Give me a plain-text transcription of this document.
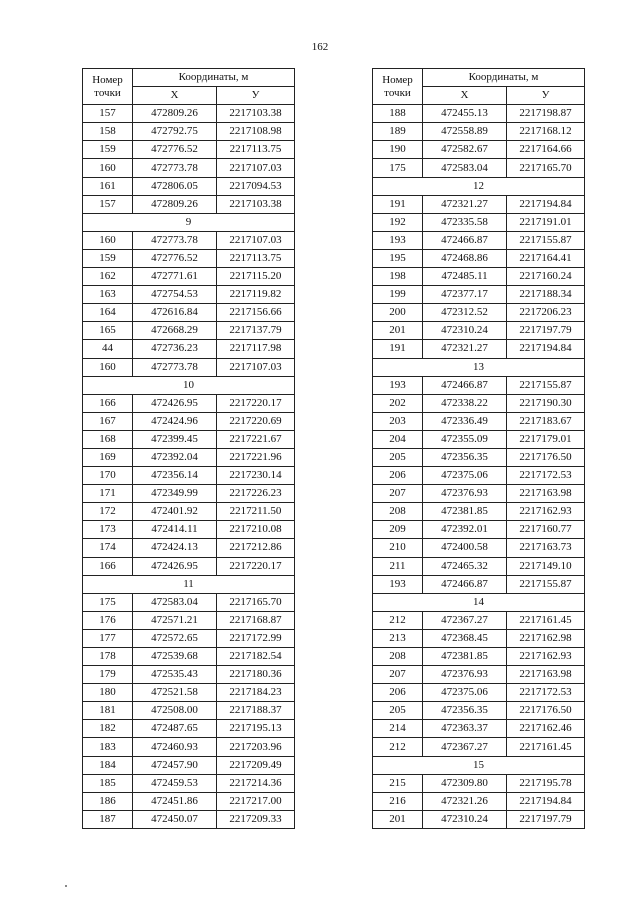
162
Номер
точки	Координаты, м	
	X	У
157	472809.26	2217103.38
158	472792.75	2217108.98
159	472776.52	2217113.75
160	472773.78	2217107.03
161	472806.05	2217094.53
157	472809.26	2217103.38
9		
160	472773.78	2217107.03
159	472776.52	2217113.75
162	472771.61	2217115.20
163	472754.53	2217119.82
164	472616.84	2217156.66
165	472668.29	2217137.79
44	472736.23	2217117.98
160	472773.78	2217107.03
10		
166	472426.95	2217220.17
167	472424.96	2217220.69
168	472399.45	2217221.67
169	472392.04	2217221.96
170	472356.14	2217230.14
171	472349.99	2217226.23
172	472401.92	2217211.50
173	472414.11	2217210.08
174	472424.13	2217212.86
166	472426.95	2217220.17
11		
175	472583.04	2217165.70
176	472571.21	2217168.87
177	472572.65	2217172.99
178	472539.68	2217182.54
179	472535.43	2217180.36
180	472521.58	2217184.23
181	472508.00	2217188.37
182	472487.65	2217195.13
183	472460.93	2217203.96
184	472457.90	2217209.49
185	472459.53	2217214.36
186	472451.86	2217217.00
187	472450.07	2217209.33
Номер
точки	Координаты, м	
	X	У
188	472455.13	2217198.87
189	472558.89	2217168.12
190	472582.67	2217164.66
175	472583.04	2217165.70
12		
191	472321.27	2217194.84
192	472335.58	2217191.01
193	472466.87	2217155.87
195	472468.86	2217164.41
198	472485.11	2217160.24
199	472377.17	2217188.34
200	472312.52	2217206.23
201	472310.24	2217197.79
191	472321.27	2217194.84
13		
193	472466.87	2217155.87
202	472338.22	2217190.30
203	472336.49	2217183.67
204	472355.09	2217179.01
205	472356.35	2217176.50
206	472375.06	2217172.53
207	472376.93	2217163.98
208	472381.85	2217162.93
209	472392.01	2217160.77
210	472400.58	2217163.73
211	472465.32	2217149.10
193	472466.87	2217155.87
14		
212	472367.27	2217161.45
213	472368.45	2217162.98
208	472381.85	2217162.93
207	472376.93	2217163.98
206	472375.06	2217172.53
205	472356.35	2217176.50
214	472363.37	2217162.46
212	472367.27	2217161.45
15		
215	472309.80	2217195.78
216	472321.26	2217194.84
201	472310.24	2217197.79
